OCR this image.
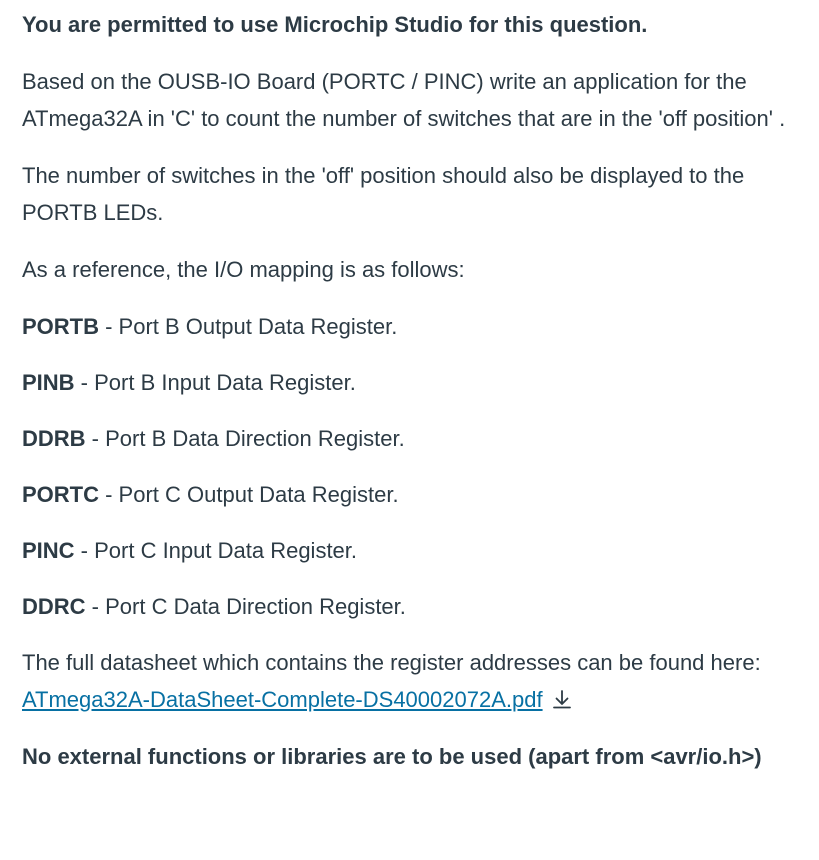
You are permitted to use Microchip Studio for this question.

Based on the OUSB-IO Board (PORTC / PINC) write an application for the ATmega32A in 'C' to count the number of switches that are in the 'off position' .

The number of switches in the 'off' position should also be displayed to the PORTB LEDs.

As a reference, the I/O mapping is as follows:

PORTB - Port B Output Data Register.

PINB - Port B Input Data Register.

DDRB - Port B Data Direction Register.

PORTC - Port C Output Data Register.

PINC - Port C Input Data Register.

DDRC - Port C Data Direction Register.

The full datasheet which contains the register addresses can be found here: ATmega32A-DataSheet-Complete-DS40002072A.pdf

No external functions or libraries are to be used (apart from <avr/io.h>)
